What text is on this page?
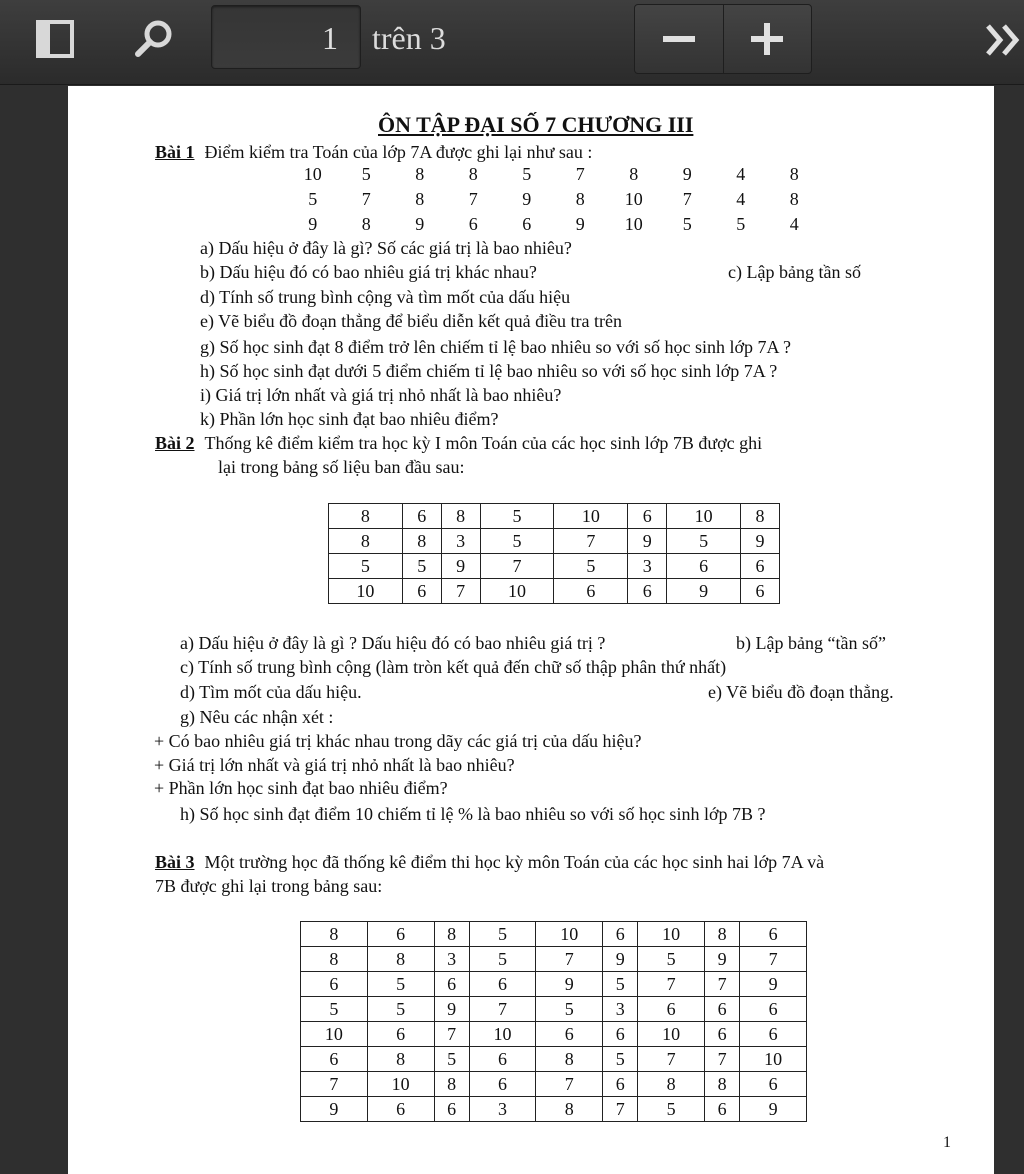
1	trên 3
ÔN TẬP ĐẠI SỐ 7 CHƯƠNG III
Bài 1 Điểm kiểm tra Toán của lớp 7A được ghi lại như sau :
10	5	8	8	5	7	8	9	4	8
5	7	8	7	9	8	10	7	4	8
9	8	9	6	6	9	10	5	5	4
a) Dấu hiệu ở đây là gì? Số các giá trị là bao nhiêu?
b) Dấu hiệu đó có bao nhiêu giá trị khác nhau?	c) Lập bảng tần số
d) Tính số trung bình cộng và tìm mốt của dấu hiệu
e) Vẽ biểu đồ đoạn thẳng để biểu diễn kết quả điều tra trên
g) Số học sinh đạt 8 điểm trở lên chiếm tỉ lệ bao nhiêu so với số học sinh lớp 7A ?
h) Số học sinh đạt dưới 5 điểm chiếm tỉ lệ bao nhiêu so với số học sinh lớp 7A ?
i) Giá trị lớn nhất và giá trị nhỏ nhất là bao nhiêu?
k) Phần lớn học sinh đạt bao nhiêu điểm?
Bài 2 Thống kê điểm kiểm tra học kỳ I môn Toán của các học sinh lớp 7B được ghi
lại trong bảng số liệu ban đầu sau:
8	6	8	5	10	6	10	8
8	8	3	5	7	9	5	9
5	5	9	7	5	3	6	6
10	6	7	10	6	6	9	6
a) Dấu hiệu ở đây là gì ? Dấu hiệu đó có bao nhiêu giá trị ?	b) Lập bảng “tần số”
c) Tính số trung bình cộng (làm tròn kết quả đến chữ số thập phân thứ nhất)
d) Tìm mốt của dấu hiệu.	e) Vẽ biểu đồ đoạn thẳng.
g) Nêu các nhận xét :
+ Có bao nhiêu giá trị khác nhau trong dãy các giá trị của dấu hiệu?
+ Giá trị lớn nhất và giá trị nhỏ nhất là bao nhiêu?
+ Phần lớn học sinh đạt bao nhiêu điểm?
h) Số học sinh đạt điểm 10 chiếm tỉ lệ % là bao nhiêu so với số học sinh lớp 7B ?
Bài 3 Một trường học đã thống kê điểm thi học kỳ môn Toán của các học sinh hai lớp 7A và
7B được ghi lại trong bảng sau:
8	6	8	5	10	6	10	8	6
8	8	3	5	7	9	5	9	7
6	5	6	6	9	5	7	7	9
5	5	9	7	5	3	6	6	6
10	6	7	10	6	6	10	6	6
6	8	5	6	8	5	7	7	10
7	10	8	6	7	6	8	8	6
9	6	6	3	8	7	5	6	9
1
